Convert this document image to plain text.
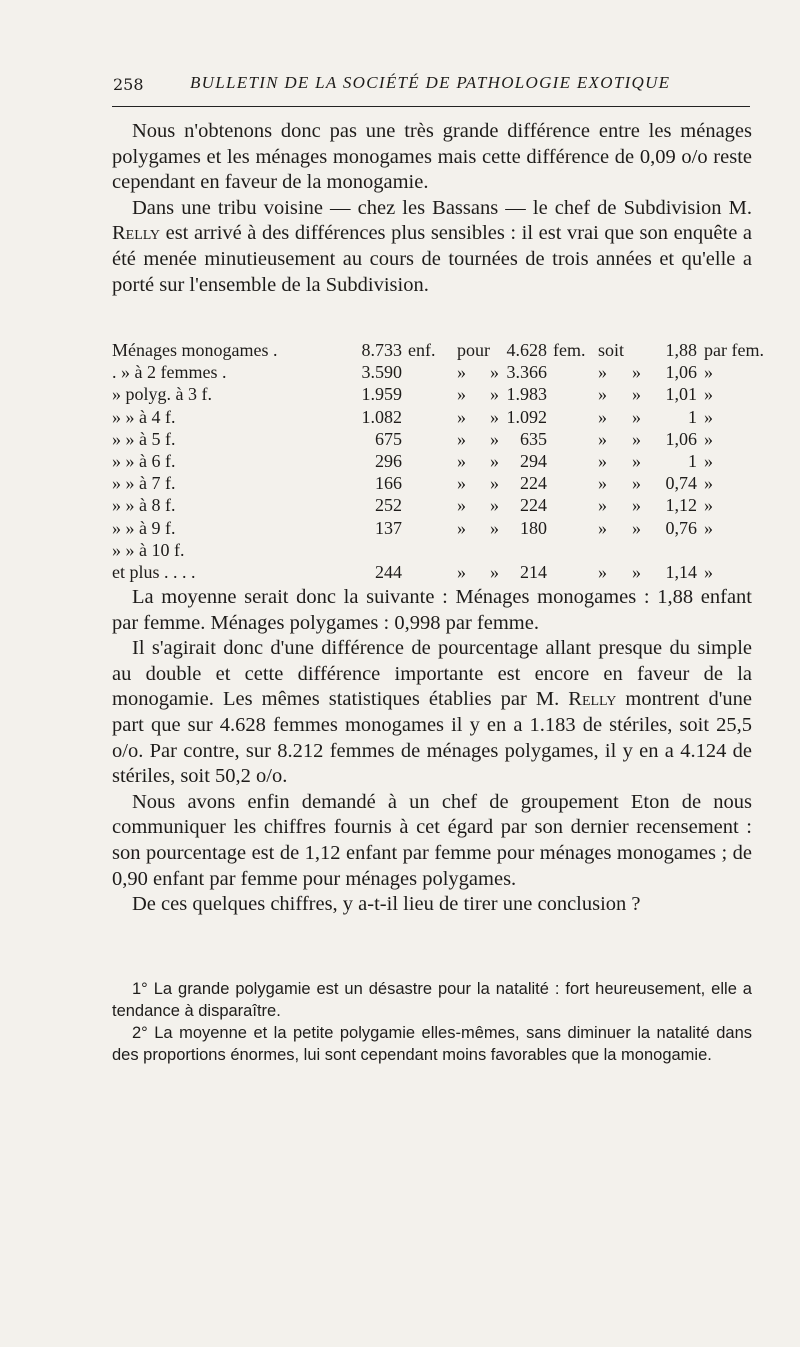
258	BULLETIN DE LA SOCIÉTÉ DE PATHOLOGIE EXOTIQUE

Nous n'obtenons donc pas une très grande différence entre les ménages polygames et les ménages monogames mais cette différence de 0,09 o/o reste cependant en faveur de la monogamie.

Dans une tribu voisine — chez les Bassans — le chef de Subdivision M. Relly est arrivé à des différences plus sensibles : il est vrai que son enquête a été menée minutieusement au cours de tournées de trois années et qu'elle a porté sur l'ensemble de la Subdivision.

Ménages monogames .	8.733 enf. pour 4.628 fem. soit	1,88 par fem.
. » à 2 femmes .	3.590	» » 3.366	» »	1,06 »
» polyg. à 3 f.	1.959	» » 1.983	» »	1,01 »
» » à 4 f.	1.082	» » 1.092	» »	1 »
» » à 5 f.	675	» »	635	» »	1,06 »
» » à 6 f.	296	» »	294	» »	1 »
» » à 7 f.	166	» »	224	» »	0,74 »
» » à 8 f.	252	» »	224	» »	1,12 »
» » à 9 f.	137	» »	180	» »	0,76 »
» » à 10 f.
et plus . . . .	244	» »	214	» »	1,14 »

La moyenne serait donc la suivante : Ménages monogames : 1,88 enfant par femme. Ménages polygames : 0,998 par femme.

Il s'agirait donc d'une différence de pourcentage allant presque du simple au double et cette différence importante est encore en faveur de la monogamie. Les mêmes statistiques établies par M. Relly montrent d'une part que sur 4.628 femmes monogames il y en a 1.183 de stériles, soit 25,5 o/o. Par contre, sur 8.212 femmes de ménages polygames, il y en a 4.124 de stériles, soit 50,2 o/o.

Nous avons enfin demandé à un chef de groupement Eton de nous communiquer les chiffres fournis à cet égard par son dernier recensement : son pourcentage est de 1,12 enfant par femme pour ménages monogames ; de 0,90 enfant par femme pour ménages polygames.

De ces quelques chiffres, y a-t-il lieu de tirer une conclusion ?

1° La grande polygamie est un désastre pour la natalité : fort heureusement, elle a tendance à disparaître.

2° La moyenne et la petite polygamie elles-mêmes, sans diminuer la natalité dans des proportions énormes, lui sont cependant moins favorables que la monogamie.
